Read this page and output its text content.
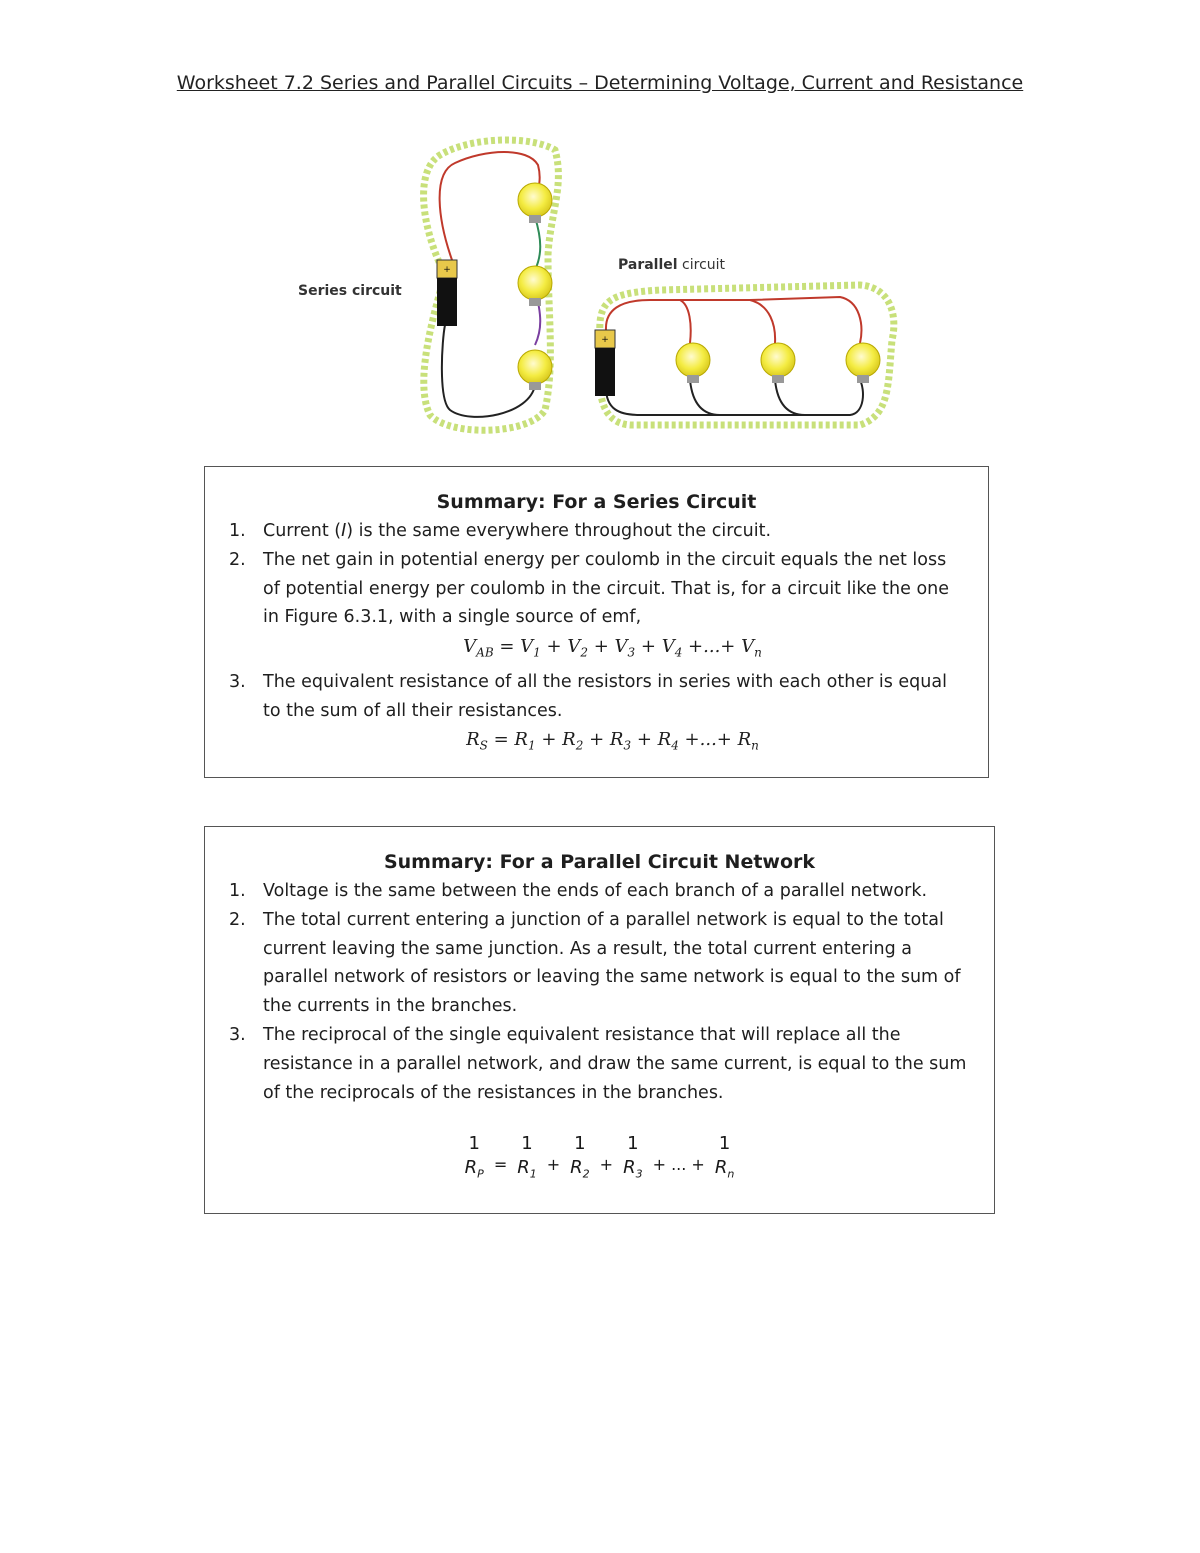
Worksheet 7.2 Series and Parallel Circuits – Determining Voltage, Current and Resistance
+
Series circuit
+
Parallel circuit
Summary: For a Series Circuit
1. Current (I) is the same everywhere throughout the circuit.
2. The net gain in potential energy per coulomb in the circuit equals the net loss of potential energy per coulomb in the circuit. That is, for a circuit like the one in Figure 6.3.1, with a single source of emf,
$V_{AB} = V_1 + V_2 + V_3 + V_4$ +...+ $V_n$
3. The equivalent resistance of all the resistors in series with each other is equal to the sum of all their resistances.
$R_S = R_1 + R_2 + R_3 + R_4$ +...+ $R_n$
Summary: For a Parallel Circuit Network
1. Voltage is the same between the ends of each branch of a parallel network.
2. The total current entering a junction of a parallel network is equal to the total current leaving the same junction. As a result, the total current entering a parallel network of resistors or leaving the same network is equal to the sum of the currents in the branches.
3. The reciprocal of the single equivalent resistance that will replace all the resistance in a parallel network, and draw the same current, is equal to the sum of the reciprocals of the resistances in the branches.
1
$R_P$
=
1
$R_1$
+
1
$R_2$
+
1
$R_3$
+ ... +
1
$R_n$
